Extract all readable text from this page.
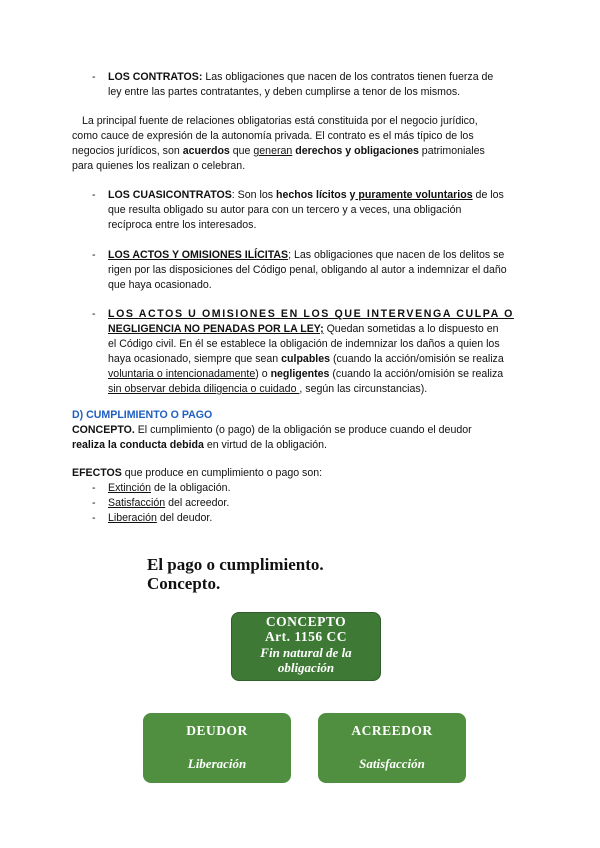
- LOS CONTRATOS: Las obligaciones que nacen de los contratos tienen fuerza de
ley entre las partes contratantes, y deben cumplirse a tenor de los mismos.
La principal fuente de relaciones obligatorias está constituida por el negocio jurídico,
como cauce de expresión de la autonomía privada. El contrato es el más típico de los
negocios jurídicos, son acuerdos que generan derechos y obligaciones patrimoniales
para quienes los realizan o celebran.
- LOS CUASICONTRATOS: Son los hechos lícitos y puramente voluntarios de los
que resulta obligado su autor para con un tercero y a veces, una obligación
recíproca entre los interesados.
- LOS ACTOS Y OMISIONES ILÍCITAS; Las obligaciones que nacen de los delitos se
rigen por las disposiciones del Código penal, obligando al autor a indemnizar el daño
que haya ocasionado.
- LOS ACTOS U OMISIONES EN LOS QUE INTERVENGA CULPA O
NEGLIGENCIA NO PENADAS POR LA LEY; Quedan sometidas a lo dispuesto en
el Código civil. En él se establece la obligación de indemnizar los daños a quien los
haya ocasionado, siempre que sean culpables (cuando la acción/omisión se realiza
voluntaria o intencionadamente) o negligentes (cuando la acción/omisión se realiza
sin observar debida diligencia o cuidado , según las circunstancias).
D) CUMPLIMIENTO O PAGO
CONCEPTO. El cumplimiento (o pago) de la obligación se produce cuando el deudor
realiza la conducta debida en virtud de la obligación.
EFECTOS que produce en cumplimiento o pago son:
- Extinción de la obligación.
- Satisfacción del acreedor.
- Liberación del deudor.
El pago o cumplimiento.
Concepto.
CONCEPTO
Art. 1156 CC
Fin natural de la
obligación
DEUDOR
Liberación
ACREEDOR
Satisfacción
